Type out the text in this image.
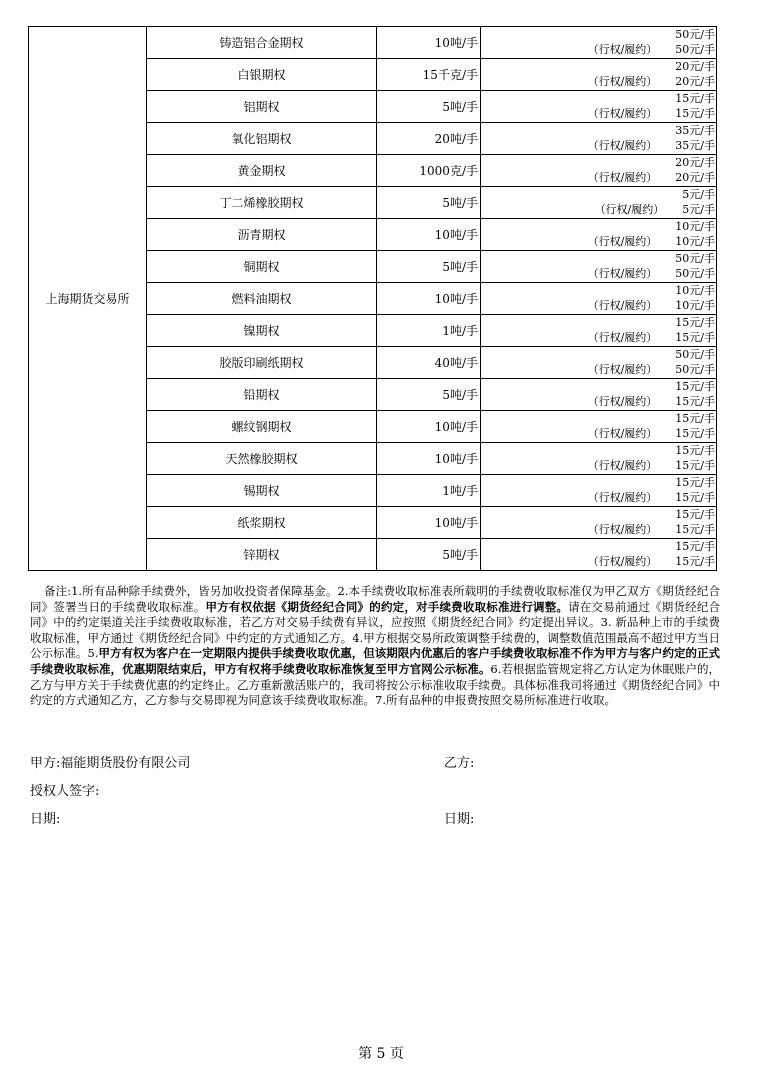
上海期货交易所	铸造铝合金期权	10吨/手	50元/手
（行权/履约） 50元/手

	白银期权	15千克/手	20元/手
（行权/履约） 20元/手

	铝期权	5吨/手	15元/手
（行权/履约） 15元/手

	氧化铝期权	20吨/手	35元/手
（行权/履约） 35元/手

	黄金期权	1000克/手	20元/手
（行权/履约） 20元/手

	丁二烯橡胶期权	5吨/手	5元/手
（行权/履约） 5元/手

	沥青期权	10吨/手	10元/手
（行权/履约） 10元/手

	铜期权	5吨/手	50元/手
（行权/履约） 50元/手

	燃料油期权	10吨/手	10元/手
（行权/履约） 10元/手

	镍期权	1吨/手	15元/手
（行权/履约） 15元/手

	胶版印刷纸期权	40吨/手	50元/手
（行权/履约） 50元/手

	铅期权	5吨/手	15元/手
（行权/履约） 15元/手

	螺纹钢期权	10吨/手	15元/手
（行权/履约） 15元/手

	天然橡胶期权	10吨/手	15元/手
（行权/履约） 15元/手

	锡期权	1吨/手	15元/手
（行权/履约） 15元/手

	纸浆期权	10吨/手	15元/手
（行权/履约） 15元/手

	锌期权	5吨/手	15元/手
（行权/履约） 15元/手
备注:1.所有品种除手续费外，皆另加收投资者保障基金。2.本手续费收取标准表所载明的手续费收取标准仅为甲乙双方《期货经纪合同》签署当日的手续费收取标准。甲方有权依据《期货经纪合同》的约定，对手续费收取标准进行调整。请在交易前通过《期货经纪合同》中的约定渠道关注手续费收取标准，若乙方对交易手续费有异议，应按照《期货经纪合同》约定提出异议。3. 新品种上市的手续费收取标准，甲方通过《期货经纪合同》中约定的方式通知乙方。4.甲方根据交易所政策调整手续费的，调整数值范围最高不超过甲方当日公示标准。5.甲方有权为客户在一定期限内提供手续费收取优惠，但该期限内优惠后的客户手续费收取标准不作为甲方与客户约定的正式手续费收取标准，优惠期限结束后，甲方有权将手续费收取标准恢复至甲方官网公示标准。6.若根据监管规定将乙方认定为休眠账户的，乙方与甲方关于手续费优惠的约定终止。乙方重新激活账户的，我司将按公示标准收取手续费。具体标准我司将通过《期货经纪合同》中约定的方式通知乙方，乙方参与交易即视为同意该手续费收取标准。7.所有品种的申报费按照交易所标准进行收取。
甲方:福能期货股份有限公司	乙方:
授权人签字:
日期:	日期:
第 5 页
